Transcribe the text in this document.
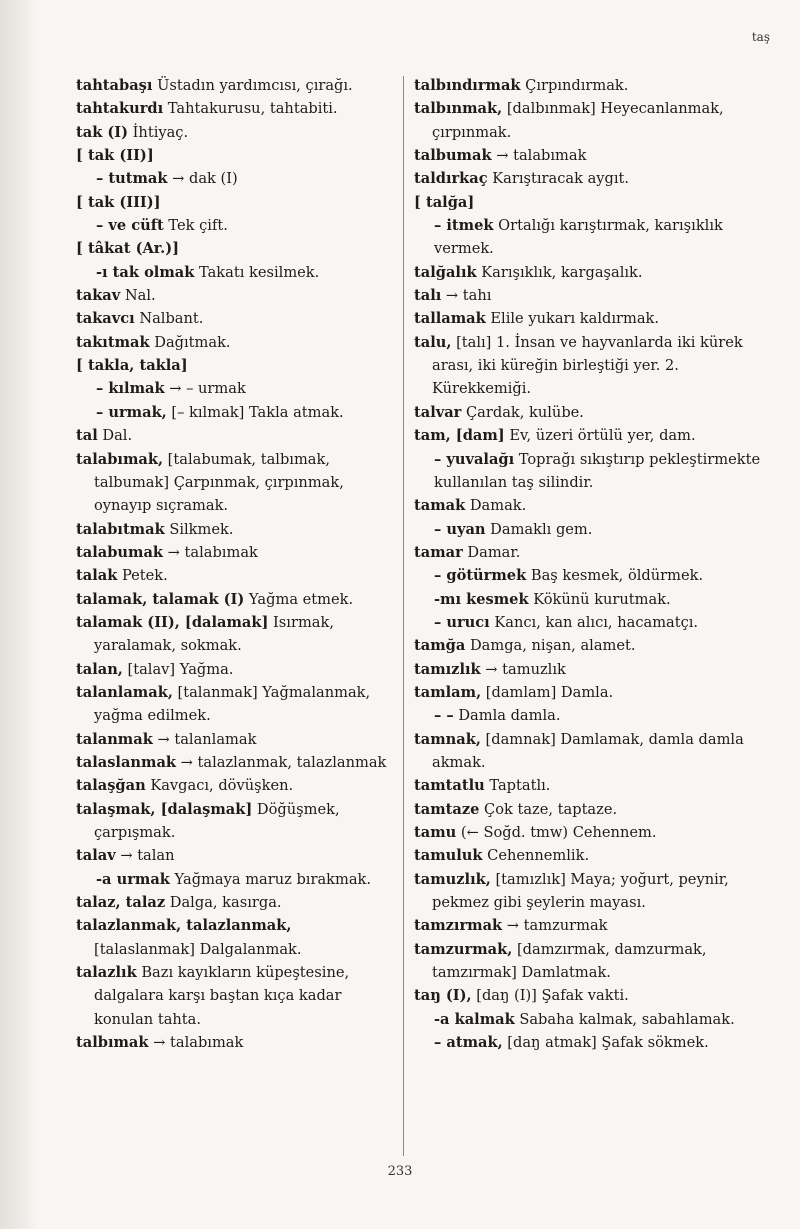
taş

tahtabaşı Üstadın yardımcısı, çırağı.

tahtakurdı Tahtakurusu, tahtabiti.

tak (I) İhtiyaç.

[ tak (II)]

– tutmak → dak (I)

[ tak (III)]

– ve cüft Tek çift.

[ tâkat (Ar.)]

-ı tak olmak Takatı kesilmek.

takav Nal.

takavcı Nalbant.

takıtmak Dağıtmak.

[ takla, takla]

– kılmak → – urmak

– urmak, [– kılmak] Takla atmak.

tal Dal.

talabımak, [talabumak, talbımak, talbumak] Çarpınmak, çırpınmak, oynayıp sıçramak.

talabıtmak Silkmek.

talabumak → talabımak

talak Petek.

talamak, talamak (I) Yağma etmek.

talamak (II), [dalamak] Isırmak, yaralamak, sokmak.

talan, [talav] Yağma.

talanlamak, [talanmak] Yağmalanmak, yağma edilmek.

talanmak → talanlamak

talaslanmak → talazlanmak, talazlanmak

talaşğan Kavgacı, dövüşken.

talaşmak, [dalaşmak] Döğüşmek, çarpışmak.

talav → talan

-a urmak Yağmaya maruz bırakmak.

talaz, talaz Dalga, kasırga.

talazlanmak, talazlanmak, [talaslanmak] Dalgalanmak.

talazlık Bazı kayıkların küpeştesine, dalgalara karşı baştan kıça kadar konulan tahta.

talbımak → talabımak

talbındırmak Çırpındırmak.

talbınmak, [dalbınmak] Heyecanlanmak, çırpınmak.

talbumak → talabımak

taldırkaç Karıştıracak aygıt.

[ talğa]

– itmek Ortalığı karıştırmak, karışıklık vermek.

talğalık Karışıklık, kargaşalık.

talı → tahı

tallamak Elile yukarı kaldırmak.

talu, [talı] 1. İnsan ve hayvanlarda iki kürek arası, iki küreğin birleştiği yer. 2. Kürekkemiği.

talvar Çardak, kulübe.

tam, [dam] Ev, üzeri örtülü yer, dam.

– yuvalağı Toprağı sıkıştırıp pekleştirmekte kullanılan taş silindir.

tamak Damak.

– uyan Damaklı gem.

tamar Damar.

– götürmek Baş kesmek, öldürmek.

-mı kesmek Kökünü kurutmak.

– urucı Kancı, kan alıcı, hacamatçı.

tamğa Damga, nişan, alamet.

tamızlık → tamuzlık

tamlam, [damlam] Damla.

– – Damla damla.

tamnak, [damnak] Damlamak, damla damla akmak.

tamtatlu Taptatlı.

tamtaze Çok taze, taptaze.

tamu (← Soğd. tmw) Cehennem.

tamuluk Cehennemlik.

tamuzlık, [tamızlık] Maya; yoğurt, peynir, pekmez gibi şeylerin mayası.

tamzırmak → tamzurmak

tamzurmak, [damzırmak, damzurmak, tamzırmak] Damlatmak.

taŋ (I), [daŋ (I)] Şafak vakti.

-a kalmak Sabaha kalmak, sabahlamak.

– atmak, [daŋ atmak] Şafak sökmek.

233
